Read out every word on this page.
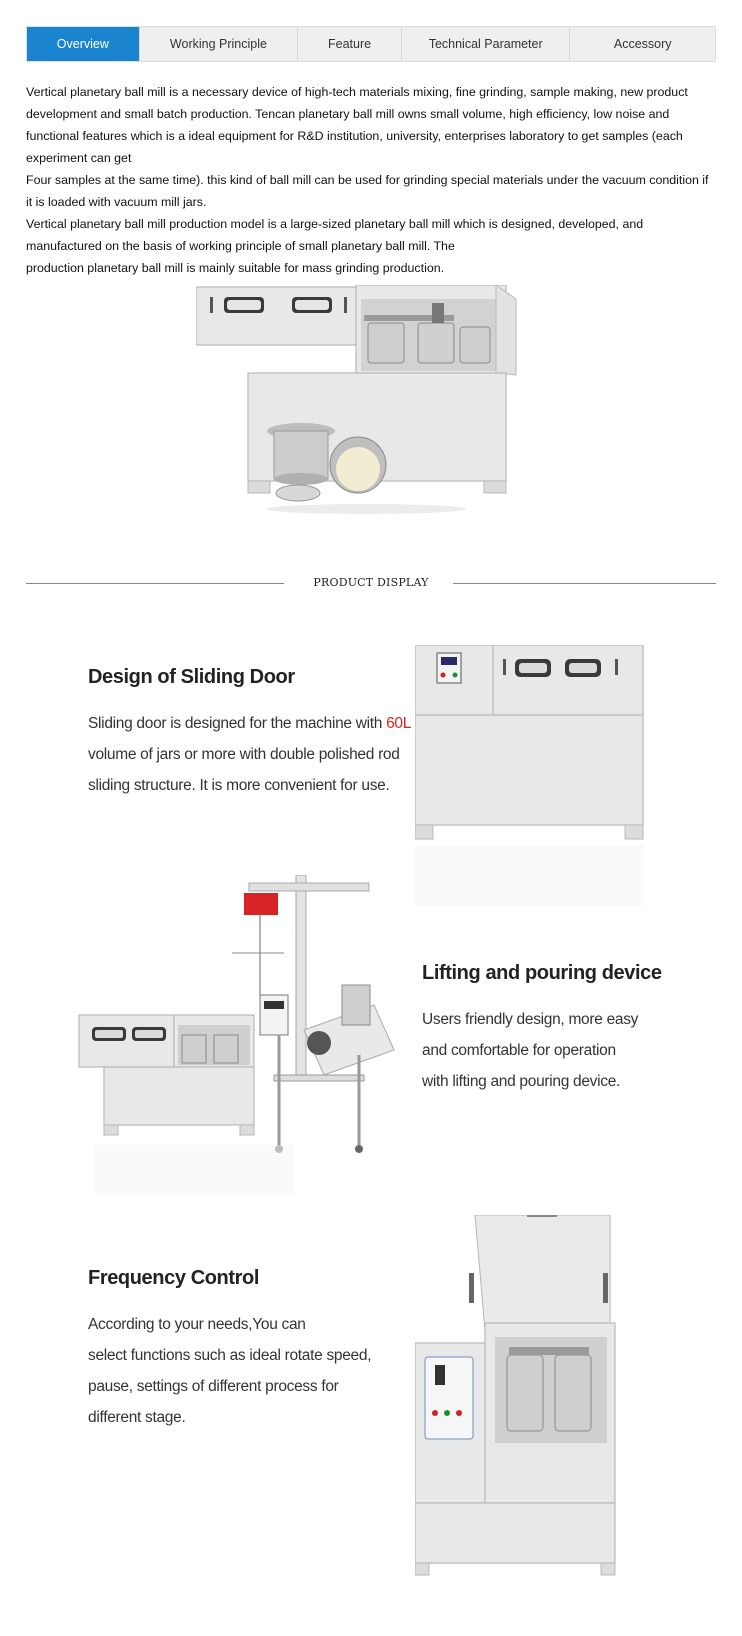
Overview	Working Principle	Feature	Technical Parameter	Accessory

Vertical planetary ball mill is a necessary device of high-tech materials mixing, fine grinding, sample making, new product development and small batch production. Tencan planetary ball mill owns small volume, high efficiency, low noise and functional features which is a ideal equipment for R&D institution, university, enterprises laboratory to get samples (each experiment can get

Four samples at the same time). this kind of ball mill can be used for grinding special materials under the vacuum condition if it is loaded with vacuum mill jars.

Vertical planetary ball mill production model is a large-sized planetary ball mill which is designed, developed, and manufactured on the basis of working principle of small planetary ball mill. The

production planetary ball mill is mainly suitable for mass grinding production.

PRODUCT DISPLAY
Design of Sliding Door
Sliding door is designed for the machine with 60L
volume of jars or more with double polished rod
sliding structure. It is more convenient for use.
Lifting and pouring device
Users friendly design, more easy
and comfortable for operation
with lifting and pouring device.
Frequency Control
According to your needs,You can
select functions such as ideal rotate speed,
pause, settings of different process for
different stage.
